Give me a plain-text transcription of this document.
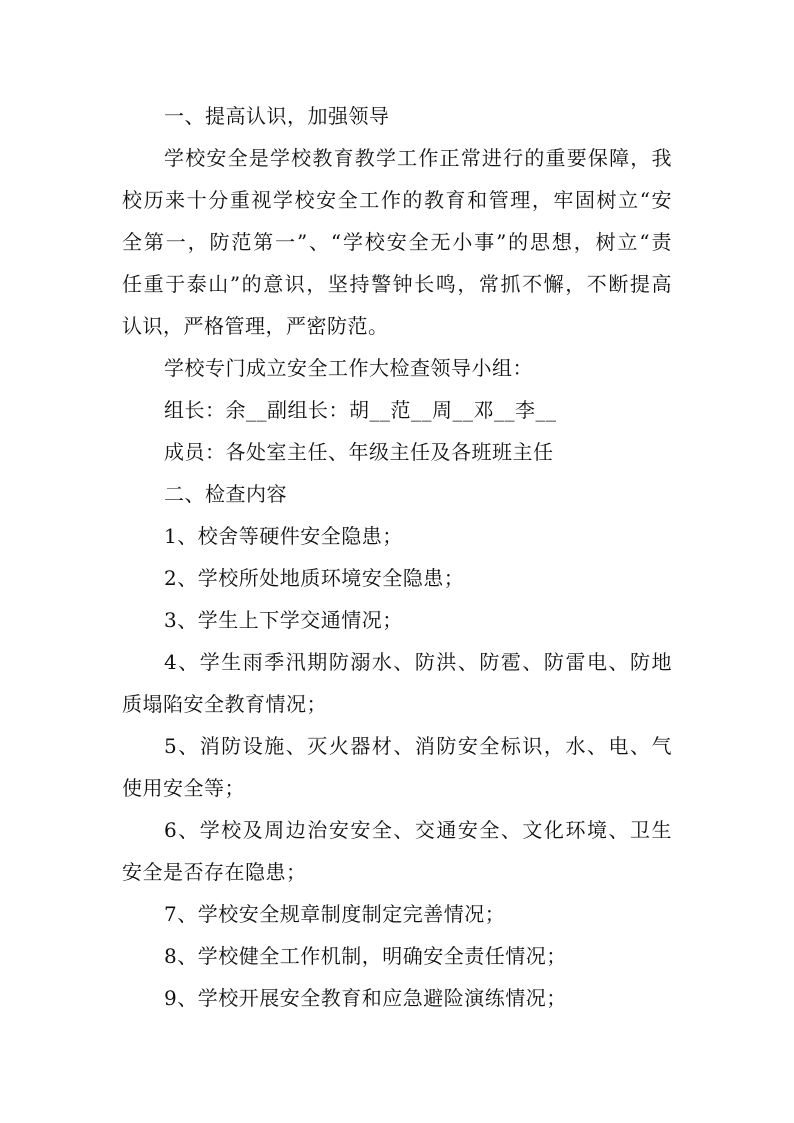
一、提高认识，加强领导
学校安全是学校教育教学工作正常进行的重要保障，我
校历来十分重视学校安全工作的教育和管理，牢固树立“安
全第一，防范第一”、“学校安全无小事”的思想，树立“责
任重于泰山”的意识，坚持警钟长鸣，常抓不懈，不断提高
认识，严格管理，严密防范。
学校专门成立安全工作大检查领导小组：
组长：余__副组长：胡__范__周__邓__李__
成员：各处室主任、年级主任及各班班主任
二、检查内容
1、校舍等硬件安全隐患；
2、学校所处地质环境安全隐患；
3、学生上下学交通情况；
4、学生雨季汛期防溺水、防洪、防雹、防雷电、防地
质塌陷安全教育情况；
5、消防设施、灭火器材、消防安全标识，水、电、气
使用安全等；
6、学校及周边治安安全、交通安全、文化环境、卫生
安全是否存在隐患；
7、学校安全规章制度制定完善情况；
8、学校健全工作机制，明确安全责任情况；
9、学校开展安全教育和应急避险演练情况；
